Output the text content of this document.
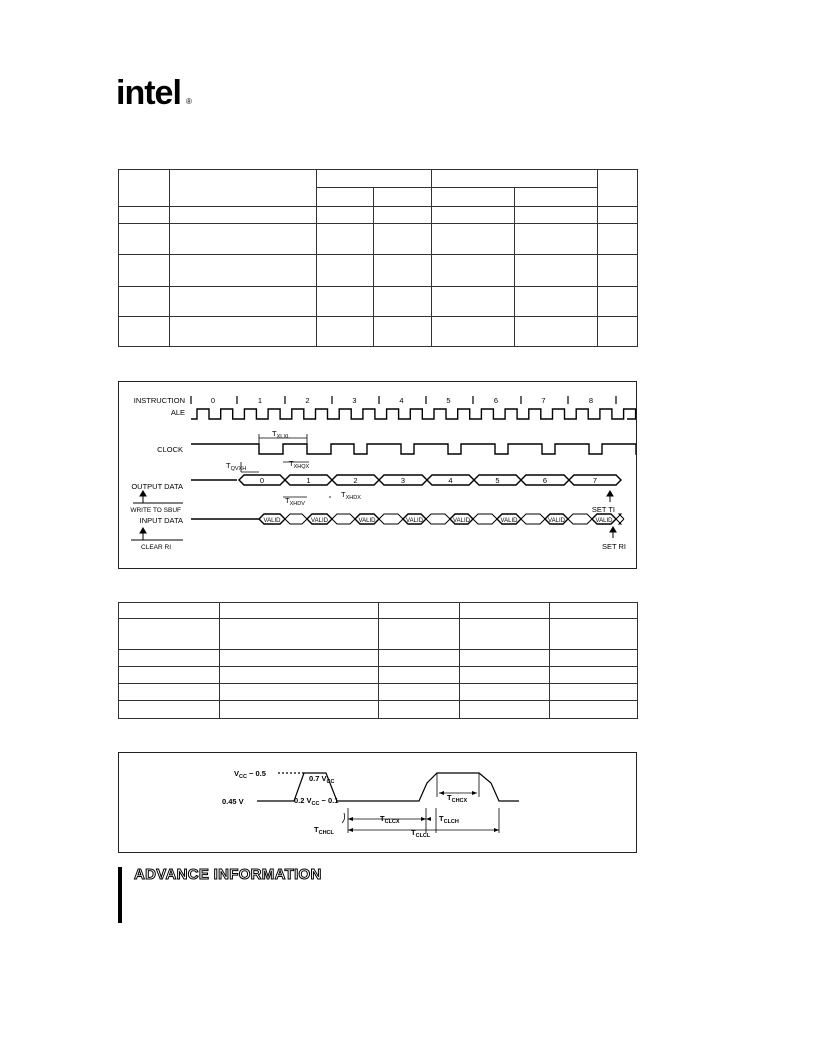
intel ®

INSTRUCTION
ALE
CLOCK
OUTPUT DATA
WRITE TO SBUF
INPUT DATA
CLEAR RI
SET TI
SET RI
0	1	2	3	4	5	6	7	8
0	1	2	3	4	5	6	7
VALID	VALID	VALID	VALID	VALID	VALID	VALID	VALID
$T_{XLXL}$
$T_{QVXH}$
$T_{XHQX}$
$T_{XHDV}$
$T_{XHDX}$

$V_{CC} - 0.5$
0.45 V
0.7 $V_{CC}$
0.2 $V_{CC} - 0.1$	$T_{CHCX}$
$T_{CLCX}$	$T_{CLCH}$
$T_{CHCL}$	$T_{CLCL}$
ADVANCE INFORMATION
